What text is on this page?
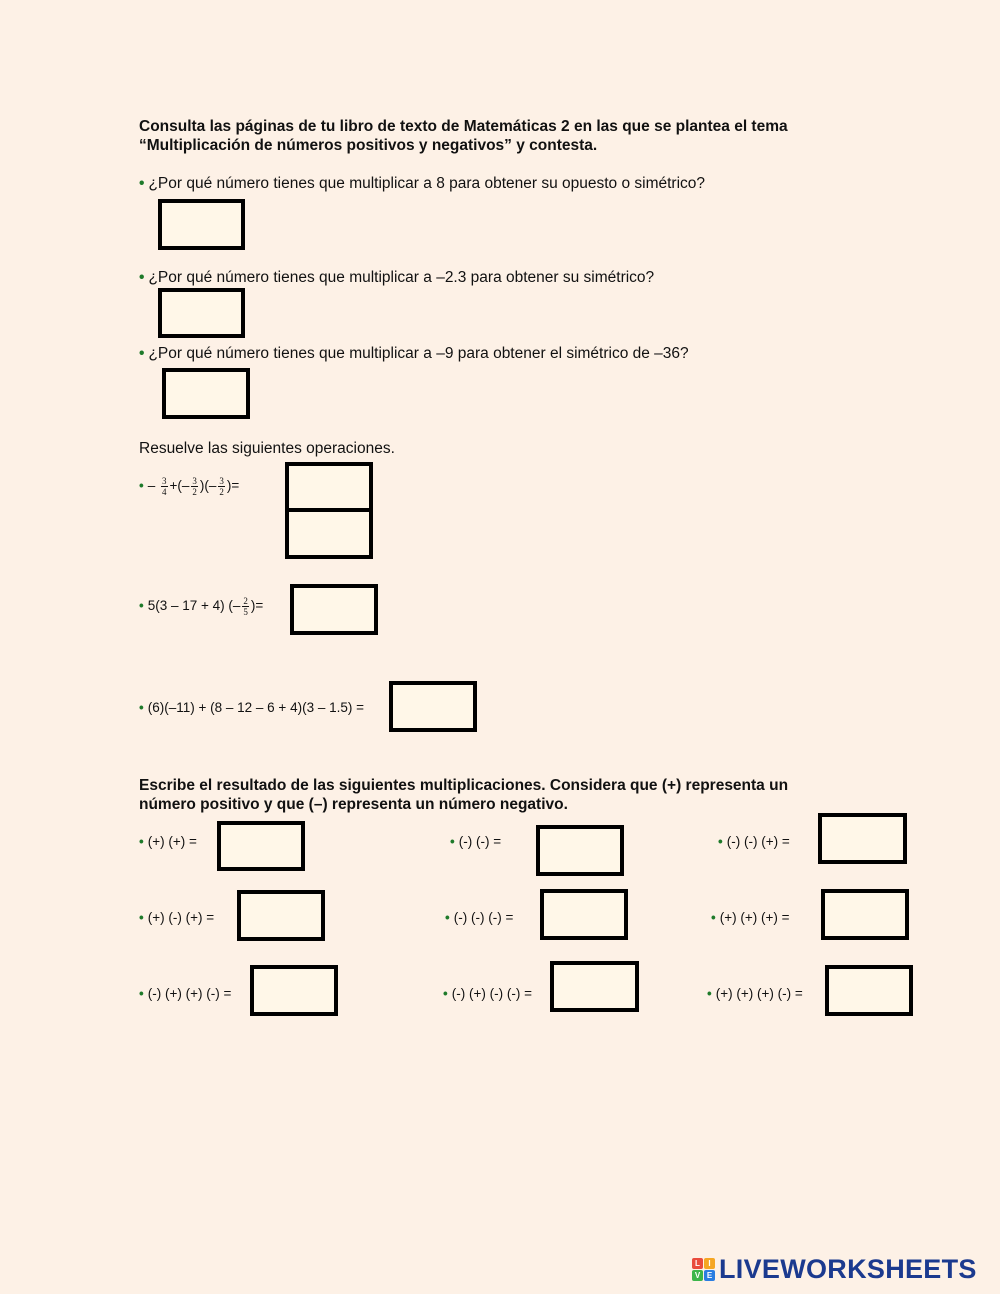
Consulta las páginas de tu libro de texto de Matemáticas 2 en las que se plantea el tema
“Multiplicación de números positivos y negativos” y contesta.
• ¿Por qué número tienes que multiplicar a 8 para obtener su opuesto o simétrico?
• ¿Por qué número tienes que multiplicar a –2.3 para obtener su simétrico?
• ¿Por qué número tienes que multiplicar a –9 para obtener el simétrico de –36?
Resuelve las siguientes operaciones.
• – $\frac{3}{4}$ +(– $\frac{3}{2}$ )(– $\frac{3}{2}$ )=
• 5(3 – 17 + 4) (– $\frac{2}{5}$ )=
• (6)(–11) + (8 – 12 – 6 + 4)(3 – 1.5) =
Escribe el resultado de las siguientes multiplicaciones. Considera que (+) representa un
número positivo y que (–) representa un número negativo.
• (+) (+) =	• (-) (-) =	• (-) (-) (+) =
• (+) (-) (+) =	• (-) (-) (-) =	• (+) (+) (+) =
• (-) (+) (+) (-) =	• (-) (+) (-) (-) =	• (+) (+) (+) (-) =
L	I
V E LIVEWORKSHEETS
